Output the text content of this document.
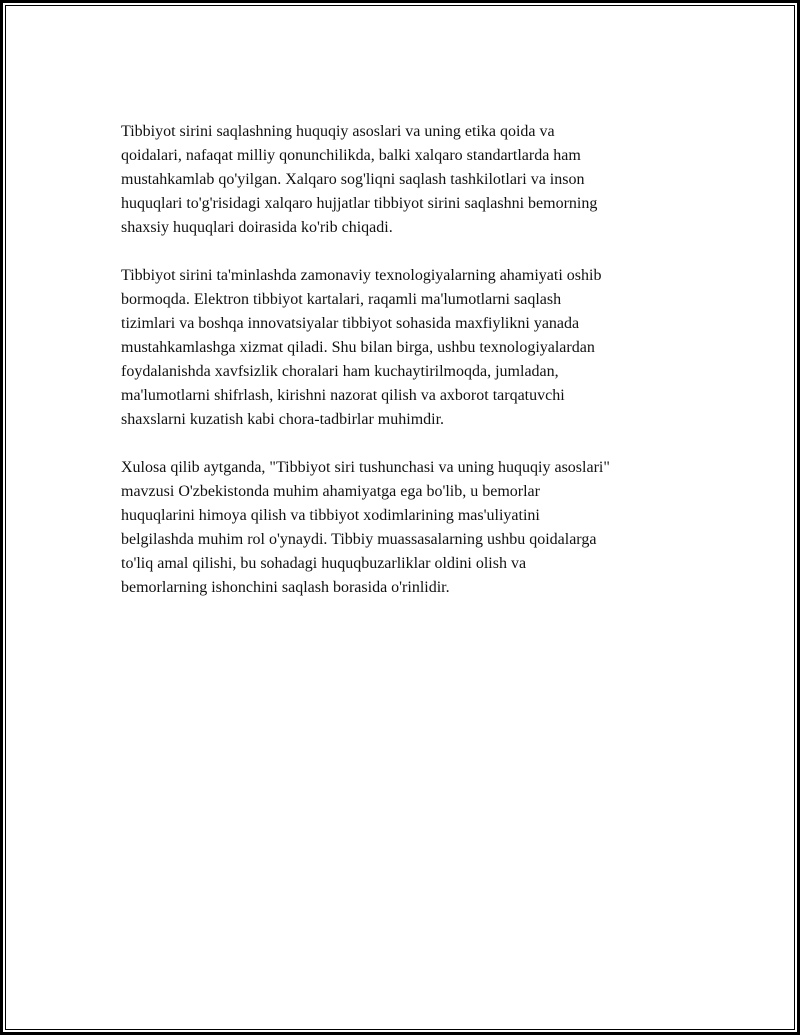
Tibbiyot sirini saqlashning huquqiy asoslari va uning etika qoida va
qoidalari, nafaqat milliy qonunchilikda, balki xalqaro standartlarda ham
mustahkamlab qo'yilgan. Xalqaro sog'liqni saqlash tashkilotlari va inson
huquqlari to'g'risidagi xalqaro hujjatlar tibbiyot sirini saqlashni bemorning
shaxsiy huquqlari doirasida ko'rib chiqadi.

Tibbiyot sirini ta'minlashda zamonaviy texnologiyalarning ahamiyati oshib
bormoqda. Elektron tibbiyot kartalari, raqamli ma'lumotlarni saqlash
tizimlari va boshqa innovatsiyalar tibbiyot sohasida maxfiylikni yanada
mustahkamlashga xizmat qiladi. Shu bilan birga, ushbu texnologiyalardan
foydalanishda xavfsizlik choralari ham kuchaytirilmoqda, jumladan,
ma'lumotlarni shifrlash, kirishni nazorat qilish va axborot tarqatuvchi
shaxslarni kuzatish kabi chora-tadbirlar muhimdir.

Xulosa qilib aytganda, "Tibbiyot siri tushunchasi va uning huquqiy asoslari"
mavzusi O'zbekistonda muhim ahamiyatga ega bo'lib, u bemorlar
huquqlarini himoya qilish va tibbiyot xodimlarining mas'uliyatini
belgilashda muhim rol o'ynaydi. Tibbiy muassasalarning ushbu qoidalarga
to'liq amal qilishi, bu sohadagi huquqbuzarliklar oldini olish va
bemorlarning ishonchini saqlash borasida o'rinlidir.
